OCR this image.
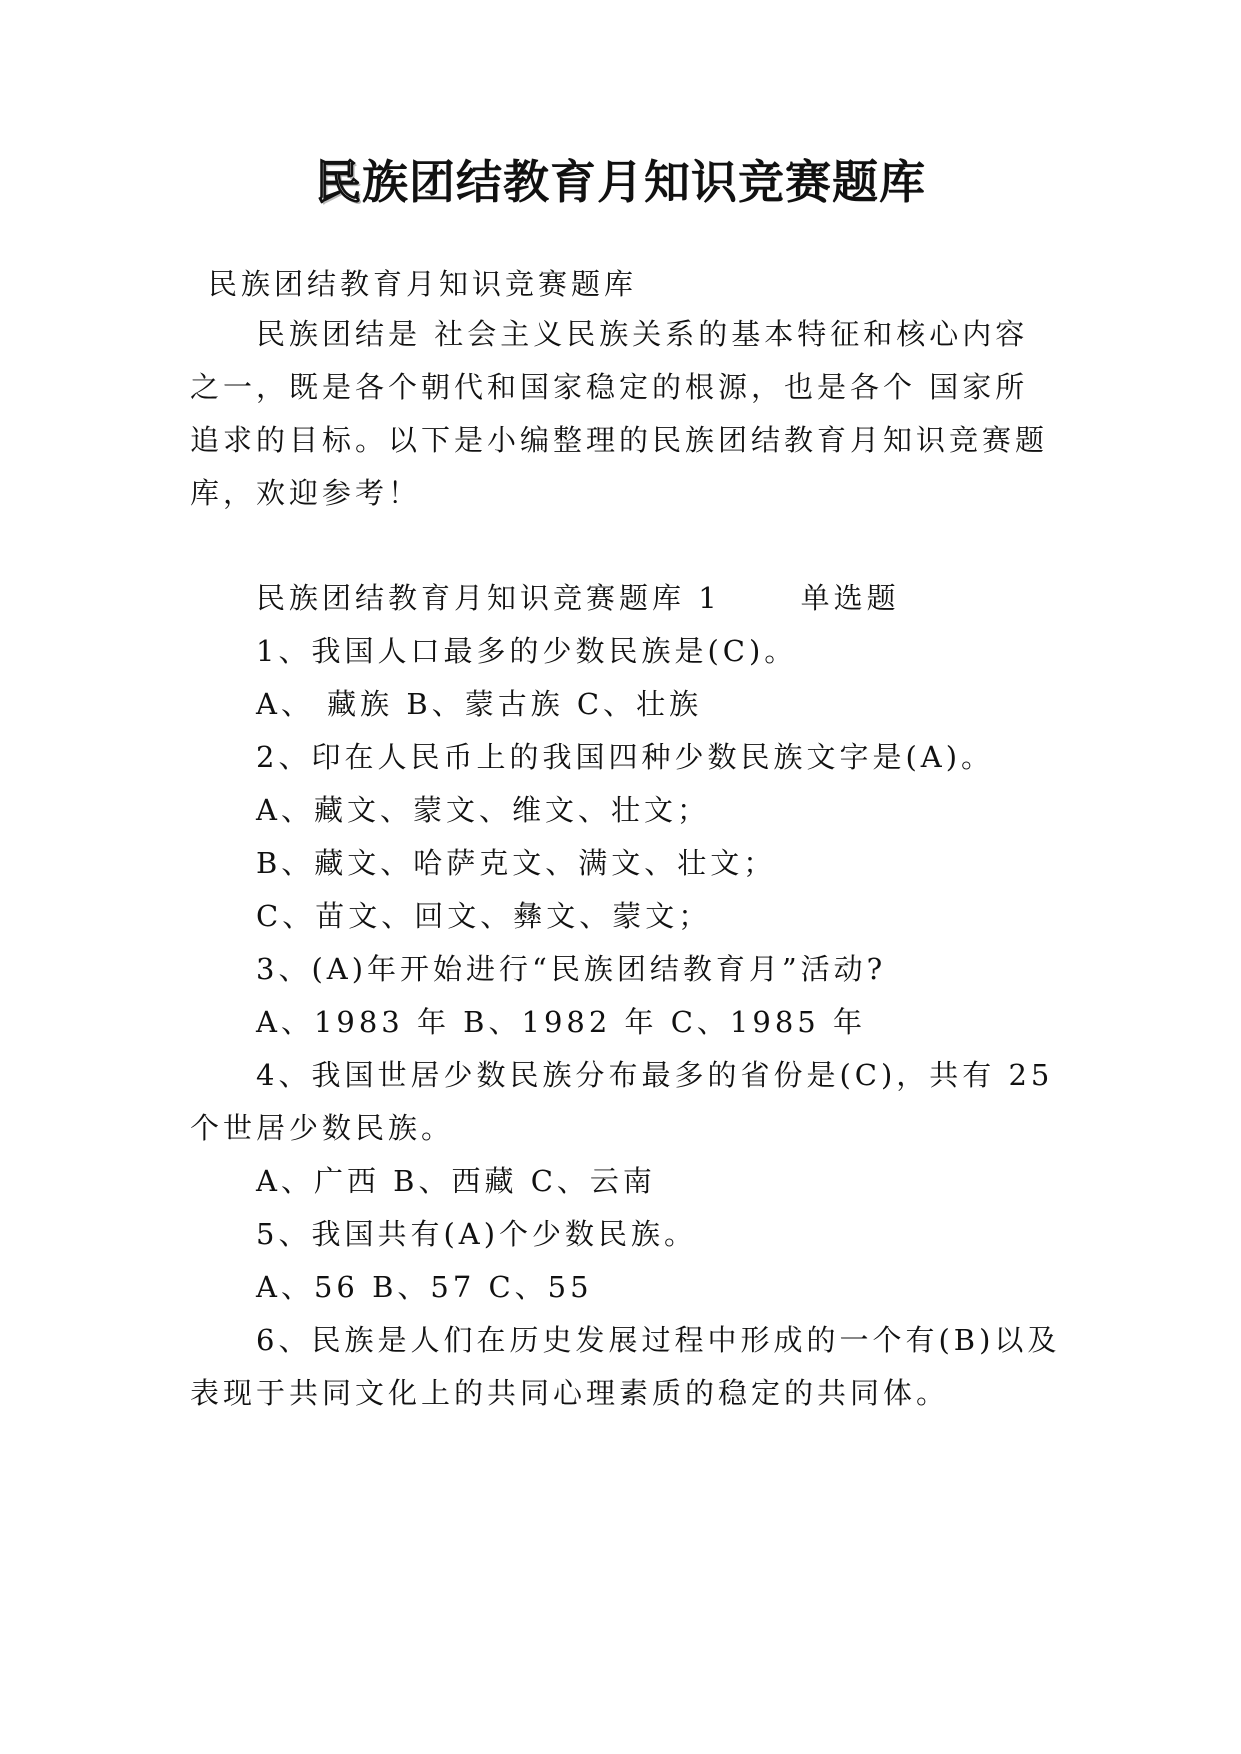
民族团结教育月知识竞赛题库
民族团结教育月知识竞赛题库
民族团结是 社会主义民族关系的基本特征和核心内容
之一，既是各个朝代和国家稳定的根源，也是各个 国家所
追求的目标。以下是小编整理的民族团结教育月知识竞赛题
库，欢迎参考！
民族团结教育月知识竞赛题库 1	单选题
1、我国人口最多的少数民族是(C)。
A、 藏族 B、蒙古族 C、壮族
2、印在人民币上的我国四种少数民族文字是(A)。
A、藏文、蒙文、维文、壮文；
B、藏文、哈萨克文、满文、壮文；
C、苗文、回文、彝文、蒙文；
3、(A)年开始进行“民族团结教育月”活动?
A、1983 年 B、1982 年 C、1985 年
4、我国世居少数民族分布最多的省份是(C)，共有 25
个世居少数民族。
A、广西 B、西藏 C、云南
5、我国共有(A)个少数民族。
A、56 B、57 C、55
6、民族是人们在历史发展过程中形成的一个有(B)以及
表现于共同文化上的共同心理素质的稳定的共同体。
